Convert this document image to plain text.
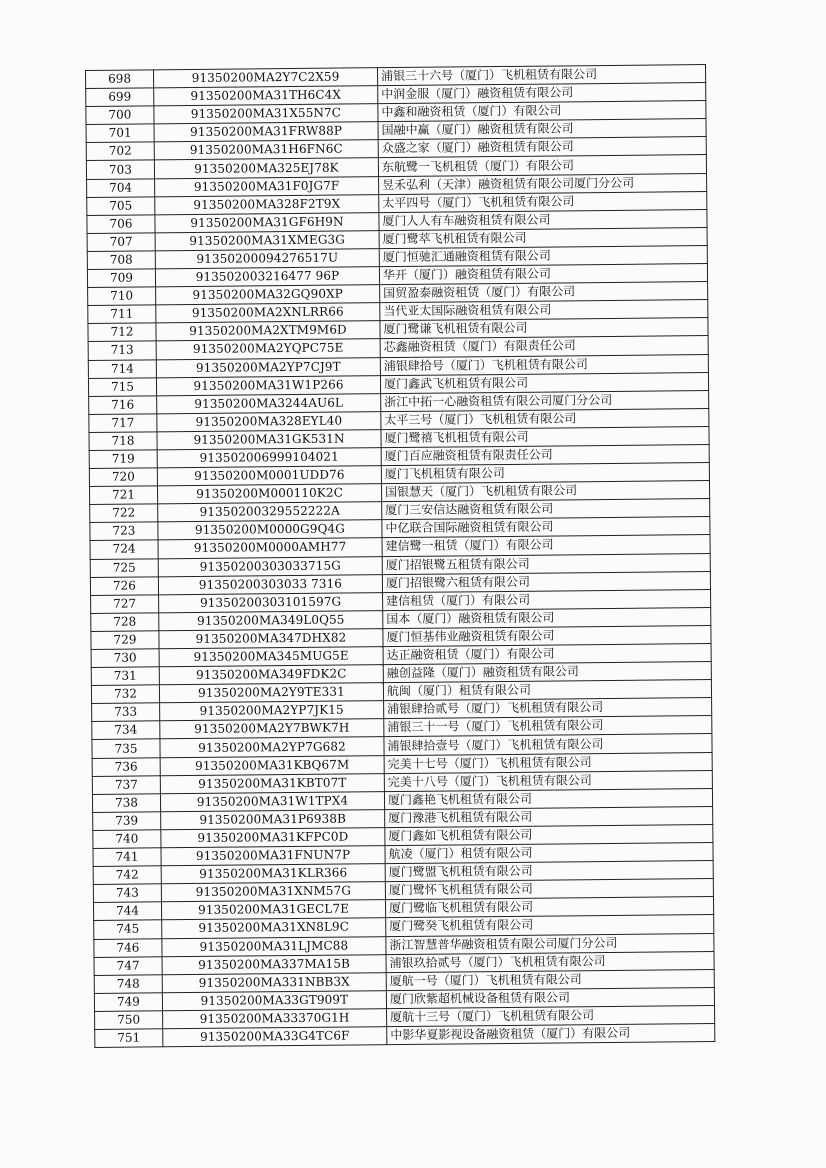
698	91350200MA2Y7C2X59	浦银三十六号（厦门）飞机租赁有限公司
699	91350200MA31TH6C4X	中润金服（厦门）融资租赁有限公司
700	91350200MA31X55N7C	中鑫和融资租赁（厦门）有限公司
701	91350200MA31FRW88P	国融中赢（厦门）融资租赁有限公司
702	91350200MA31H6FN6C	众盛之家（厦门）融资租赁有限公司
703	91350200MA325EJ78K	东航鹭一飞机租赁（厦门）有限公司
704	91350200MA31F0JG7F	昱禾弘利（天津）融资租赁有限公司厦门分公司
705	91350200MA328F2T9X	太平四号（厦门）飞机租赁有限公司
706	91350200MA31GF6H9N	厦门人人有车融资租赁有限公司
707	91350200MA31XMEG3G	厦门鹭萃飞机租赁有限公司
708	91350200094276517U	厦门恒驰汇通融资租赁有限公司
709	913502003216477 96P	华开（厦门）融资租赁有限公司
710	91350200MA32GQ90XP	国贸盈泰融资租赁（厦门）有限公司
711	91350200MA2XNLRR66	当代亚太国际融资租赁有限公司
712	91350200MA2XTM9M6D	厦门鹭谦飞机租赁有限公司
713	91350200MA2YQPC75E	芯鑫融资租赁（厦门）有限责任公司
714	91350200MA2YP7CJ9T	浦银肆拾号（厦门）飞机租赁有限公司
715	91350200MA31W1P266	厦门鑫武飞机租赁有限公司
716	91350200MA3244AU6L	浙江中拓一心融资租赁有限公司厦门分公司
717	91350200MA328EYL40	太平三号（厦门）飞机租赁有限公司
718	91350200MA31GK531N	厦门鹭禧飞机租赁有限公司
719	913502006999104021	厦门百应融资租赁有限责任公司
720	91350200M0001UDD76	厦门飞机租赁有限公司
721	91350200M000110K2C	国银慧天（厦门）飞机租赁有限公司
722	91350200329552222A	厦门三安信达融资租赁有限公司
723	91350200M0000G9Q4G	中亿联合国际融资租赁有限公司
724	91350200M0000AMH77	建信鹭一租赁（厦门）有限公司
725	91350200303033715G	厦门招银鹭五租赁有限公司
726	91350200303033 7316	厦门招银鹭六租赁有限公司
727	91350200303101597G	建信租赁（厦门）有限公司
728	91350200MA349L0Q55	国本（厦门）融资租赁有限公司
729	91350200MA347DHX82	厦门恒基伟业融资租赁有限公司
730	91350200MA345MUG5E	达正融资租赁（厦门）有限公司
731	91350200MA349FDK2C	融创益隆（厦门）融资租赁有限公司
732	91350200MA2Y9TE331	航闽（厦门）租赁有限公司
733	91350200MA2YP7JK15	浦银肆拾贰号（厦门）飞机租赁有限公司
734	91350200MA2Y7BWK7H	浦银三十一号（厦门）飞机租赁有限公司
735	91350200MA2YP7G682	浦银肆拾壹号（厦门）飞机租赁有限公司
736	91350200MA31KBQ67M	完美十七号（厦门）飞机租赁有限公司
737	91350200MA31KBT07T	完美十八号（厦门）飞机租赁有限公司
738	91350200MA31W1TPX4	厦门鑫艳飞机租赁有限公司
739	91350200MA31P6938B	厦门豫港飞机租赁有限公司
740	91350200MA31KFPC0D	厦门鑫如飞机租赁有限公司
741	91350200MA31FNUN7P	航凌（厦门）租赁有限公司
742	91350200MA31KLR366	厦门鹭盟飞机租赁有限公司
743	91350200MA31XNM57G	厦门鹭怀飞机租赁有限公司
744	91350200MA31GECL7E	厦门鹭临飞机租赁有限公司
745	91350200MA31XN8L9C	厦门鹭癸飞机租赁有限公司
746	91350200MA31LJMC88	浙江智慧普华融资租赁有限公司厦门分公司
747	91350200MA337MA15B	浦银玖拾贰号（厦门）飞机租赁有限公司
748	91350200MA331NBB3X	厦航一号（厦门）飞机租赁有限公司
749	91350200MA33GT909T	厦门欣紫超机械设备租赁有限公司
750	91350200MA33370G1H	厦航十三号（厦门）飞机租赁有限公司
751	91350200MA33G4TC6F	中影华夏影视设备融资租赁（厦门）有限公司
